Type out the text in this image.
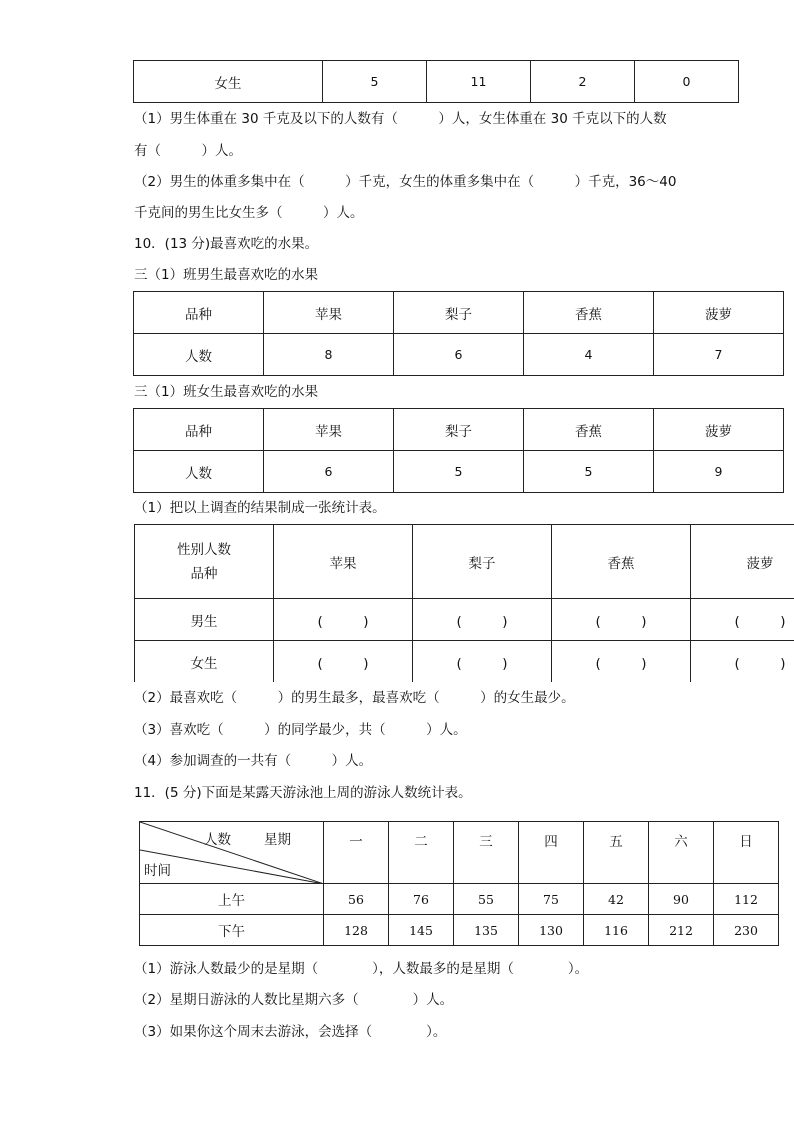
女生	5	11	2	0
（1）男生体重在 30 千克及以下的人数有（　　　）人，女生体重在 30 千克以下的人数
有（　　　）人。
（2）男生的体重多集中在（　　　）千克，女生的体重多集中在（　　　）千克，36～40
千克间的男生比女生多（　　　）人。
10．(13 分)最喜欢吃的水果。
三（1）班男生最喜欢吃的水果
品种	苹果	梨子	香蕉	菠萝
人数	8	6	4	7
三（1）班女生最喜欢吃的水果
品种	苹果	梨子	香蕉	菠萝
人数	6	5	5	9
（1）把以上调查的结果制成一张统计表。
性别人数
品种	苹果	梨子	香蕉	菠萝
男生	(　　　)	(　　　)	(　　　)	(　　　)
女生	(　　　)	(　　　)	(　　　)	(　　　)
（2）最喜欢吃（　　　）的男生最多，最喜欢吃（　　　）的女生最少。
（3）喜欢吃（　　　）的同学最少，共（　　　）人。
（4）参加调查的一共有（　　　）人。
11．(5 分)下面是某露天游泳池上周的游泳人数统计表。
人数 星期
时间	一	二	三	四	五	六	日
上午	56	76	55	75	42	90	112
下午	128	145	135	130	116	212	230
（1）游泳人数最少的是星期（　　　　），人数最多的是星期（　　　　）。
（2）星期日游泳的人数比星期六多（　　　　）人。
（3）如果你这个周末去游泳，会选择（　　　　）。
